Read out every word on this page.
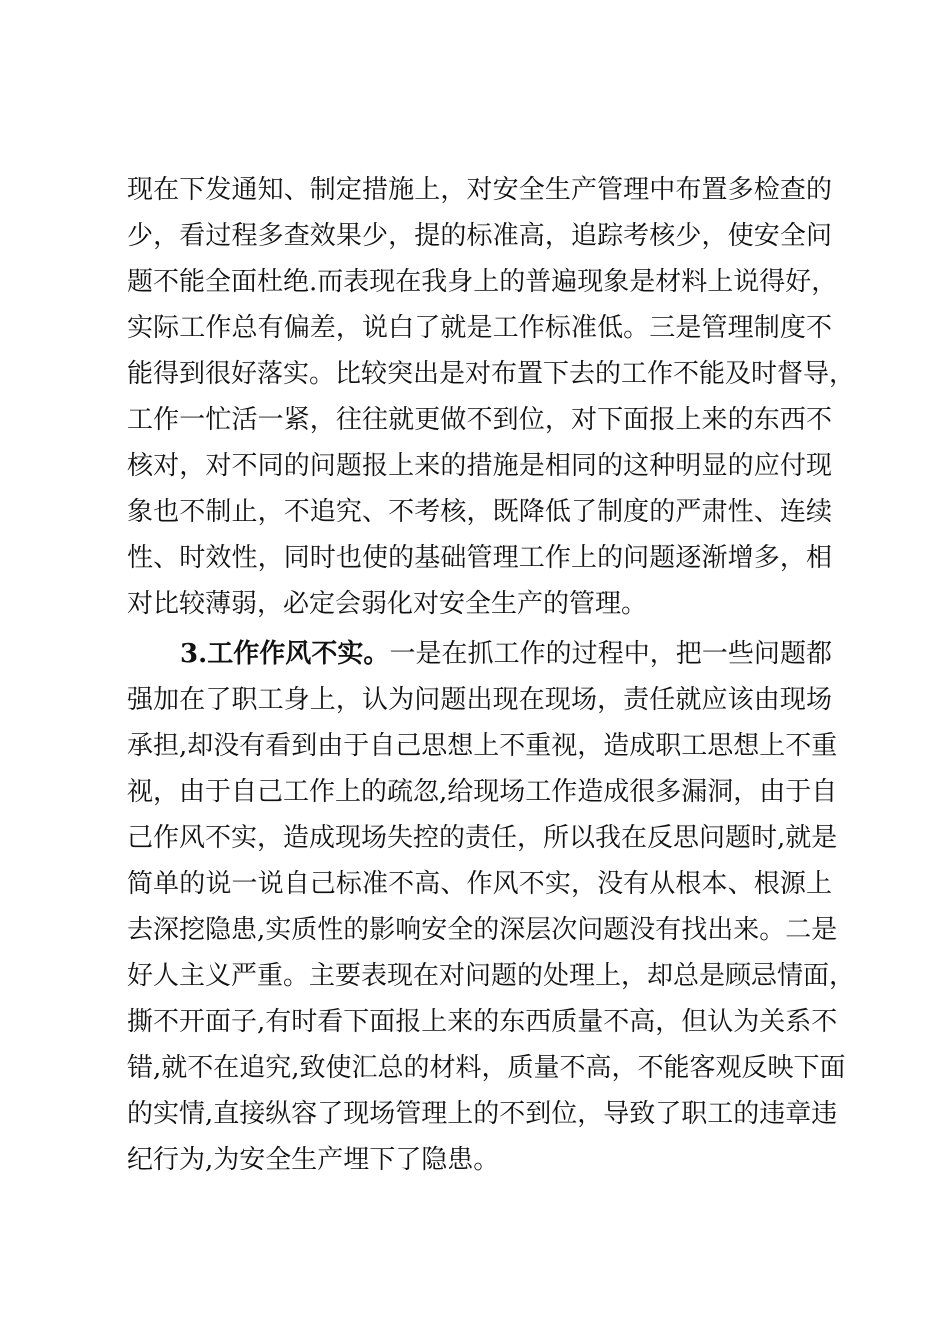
现在下发通知、制定措施上，对安全生产管理中布置多检查的
少，看过程多查效果少，提的标准高，追踪考核少，使安全问
题不能全面杜绝.而表现在我身上的普遍现象是材料上说得好，
实际工作总有偏差，说白了就是工作标准低。三是管理制度不
能得到很好落实。比较突出是对布置下去的工作不能及时督导，
工作一忙活一紧，往往就更做不到位，对下面报上来的东西不
核对，对不同的问题报上来的措施是相同的这种明显的应付现
象也不制止，不追究、不考核，既降低了制度的严肃性、连续
性、时效性，同时也使的基础管理工作上的问题逐渐增多，相
对比较薄弱，必定会弱化对安全生产的管理。
3.工作作风不实。一是在抓工作的过程中，把一些问题都
强加在了职工身上，认为问题出现在现场，责任就应该由现场
承担,却没有看到由于自己思想上不重视，造成职工思想上不重
视，由于自己工作上的疏忽,给现场工作造成很多漏洞，由于自
己作风不实，造成现场失控的责任，所以我在反思问题时,就是
简单的说一说自己标准不高、作风不实，没有从根本、根源上
去深挖隐患,实质性的影响安全的深层次问题没有找出来。二是
好人主义严重。主要表现在对问题的处理上，却总是顾忌情面，
撕不开面子,有时看下面报上来的东西质量不高，但认为关系不
错,就不在追究,致使汇总的材料，质量不高，不能客观反映下面
的实情,直接纵容了现场管理上的不到位，导致了职工的违章违
纪行为,为安全生产埋下了隐患。
